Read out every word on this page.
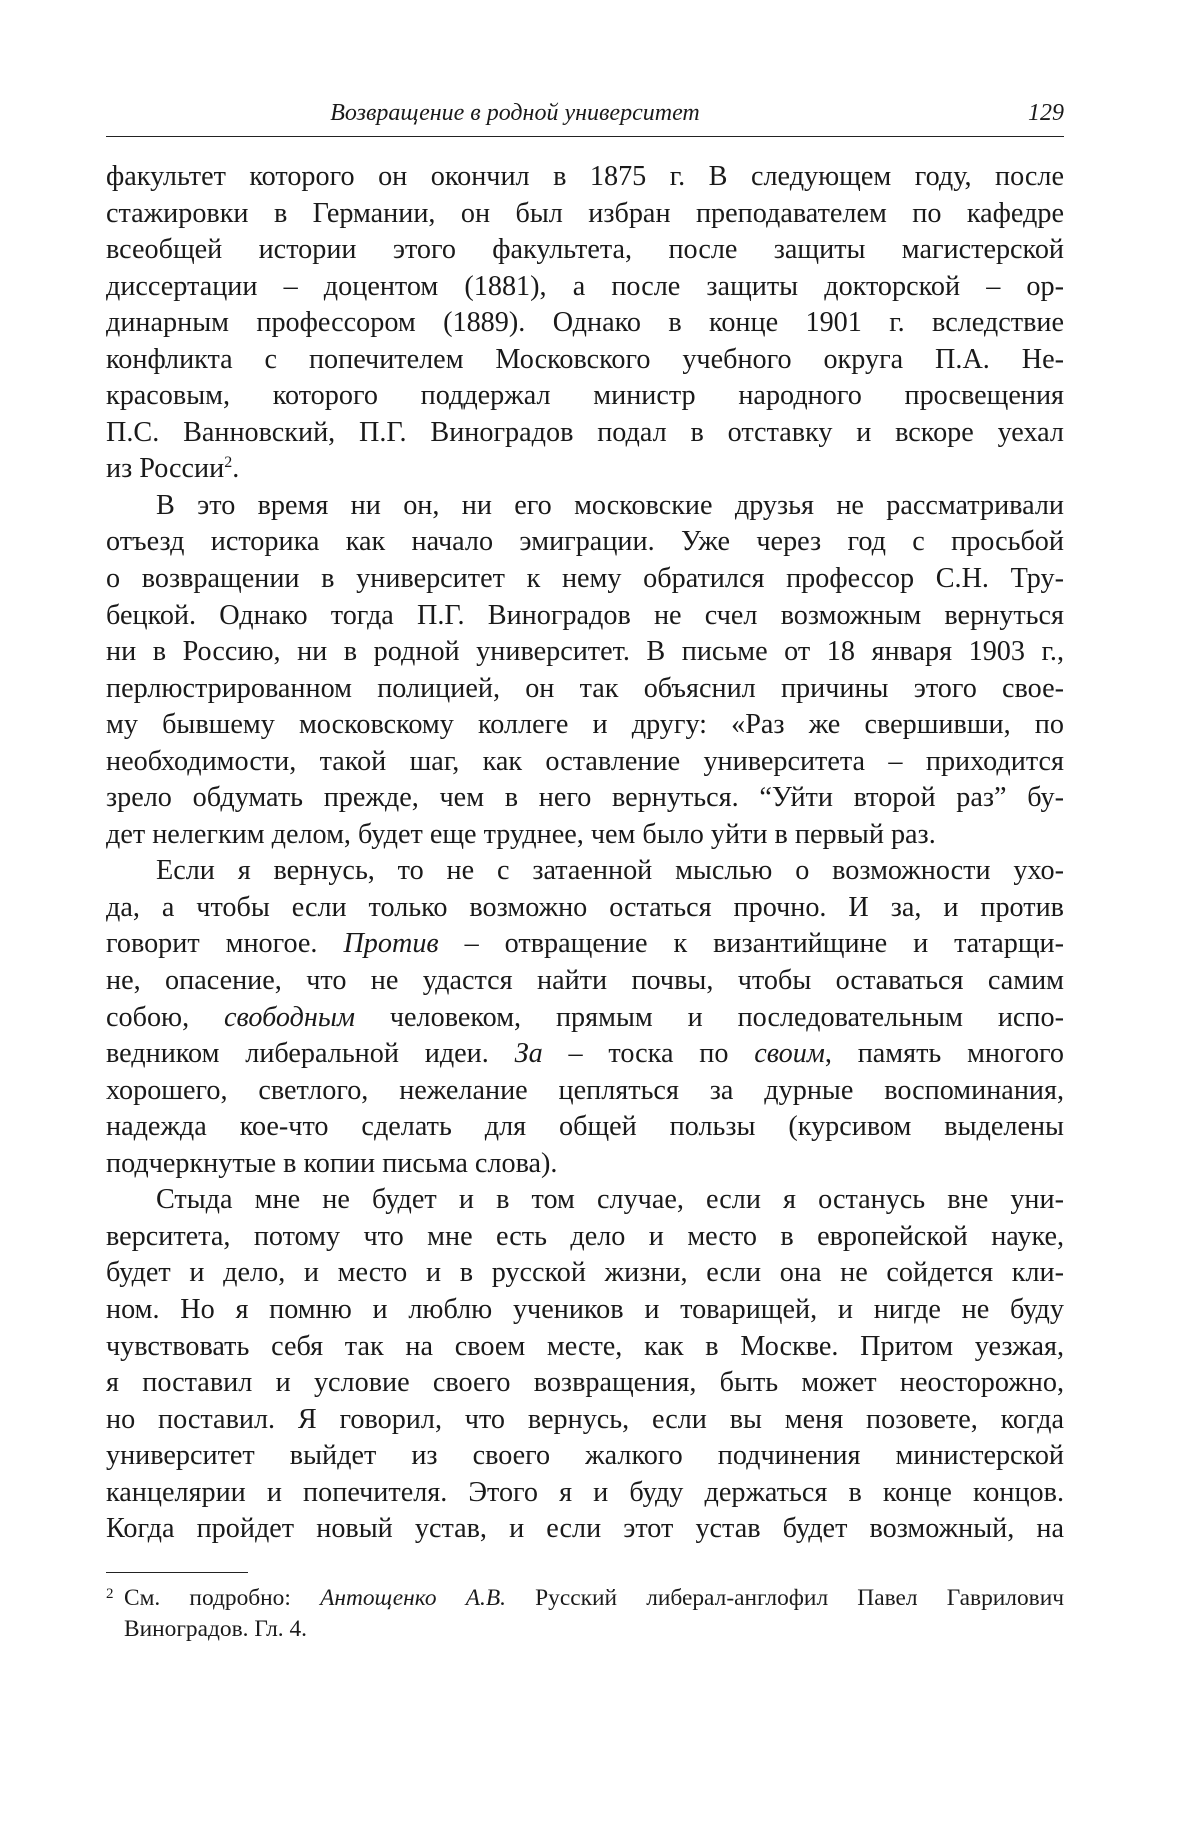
Возвращение в родной университет	129

факультет которого он окончил в 1875 г. В следующем году, после

стажировки в Германии, он был избран преподавателем по кафедре

всеобщей истории этого факультета, после защиты магистерской

диссертации – доцентом (1881), а после защиты докторской – ор-

динарным профессором (1889). Однако в конце 1901 г. вследствие

конфликта с попечителем Московского учебного округа П.А. Не-

красовым, которого поддержал министр народного просвещения

П.С. Ванновский, П.Г. Виноградов подал в отставку и вскоре уехал

из России2.

В это время ни он, ни его московские друзья не рассматривали

отъезд историка как начало эмиграции. Уже через год с просьбой

о возвращении в университет к нему обратился профессор С.Н. Тру-

бецкой. Однако тогда П.Г. Виноградов не счел возможным вернуться

ни в Россию, ни в родной университет. В письме от 18 января 1903 г.,

перлюстрированном полицией, он так объяснил причины этого свое-

му бывшему московскому коллеге и другу: «Раз же свершивши, по

необходимости, такой шаг, как оставление университета – приходится

зрело обдумать прежде, чем в него вернуться. “Уйти второй раз” бу-

дет нелегким делом, будет еще труднее, чем было уйти в первый раз.

Если я вернусь, то не с затаенной мыслью о возможности ухо-

да, а чтобы если только возможно остаться прочно. И за, и против

говорит многое. Против – отвращение к византийщине и татарщи-

не, опасение, что не удастся найти почвы, чтобы оставаться самим

собою, свободным человеком, прямым и последовательным испо-

ведником либеральной идеи. За – тоска по своим, память многого

хорошего, светлого, нежелание цепляться за дурные воспоминания,

надежда кое-что сделать для общей пользы (курсивом выделены

подчеркнутые в копии письма слова).

Стыда мне не будет и в том случае, если я останусь вне уни-

верситета, потому что мне есть дело и место в европейской науке,

будет и дело, и место и в русской жизни, если она не сойдется кли-

ном. Но я помню и люблю учеников и товарищей, и нигде не буду

чувствовать себя так на своем месте, как в Москве. Притом уезжая,

я поставил и условие своего возвращения, быть может неосторожно,

но поставил. Я говорил, что вернусь, если вы меня позовете, когда

университет выйдет из своего жалкого подчинения министерской

канцелярии и попечителя. Этого я и буду держаться в конце концов.

Когда пройдет новый устав, и если этот устав будет возможный, на

2 См. подробно: Антощенко А.В. Русский либерал-англофил Павел Гаврилович
Виноградов. Гл. 4.
